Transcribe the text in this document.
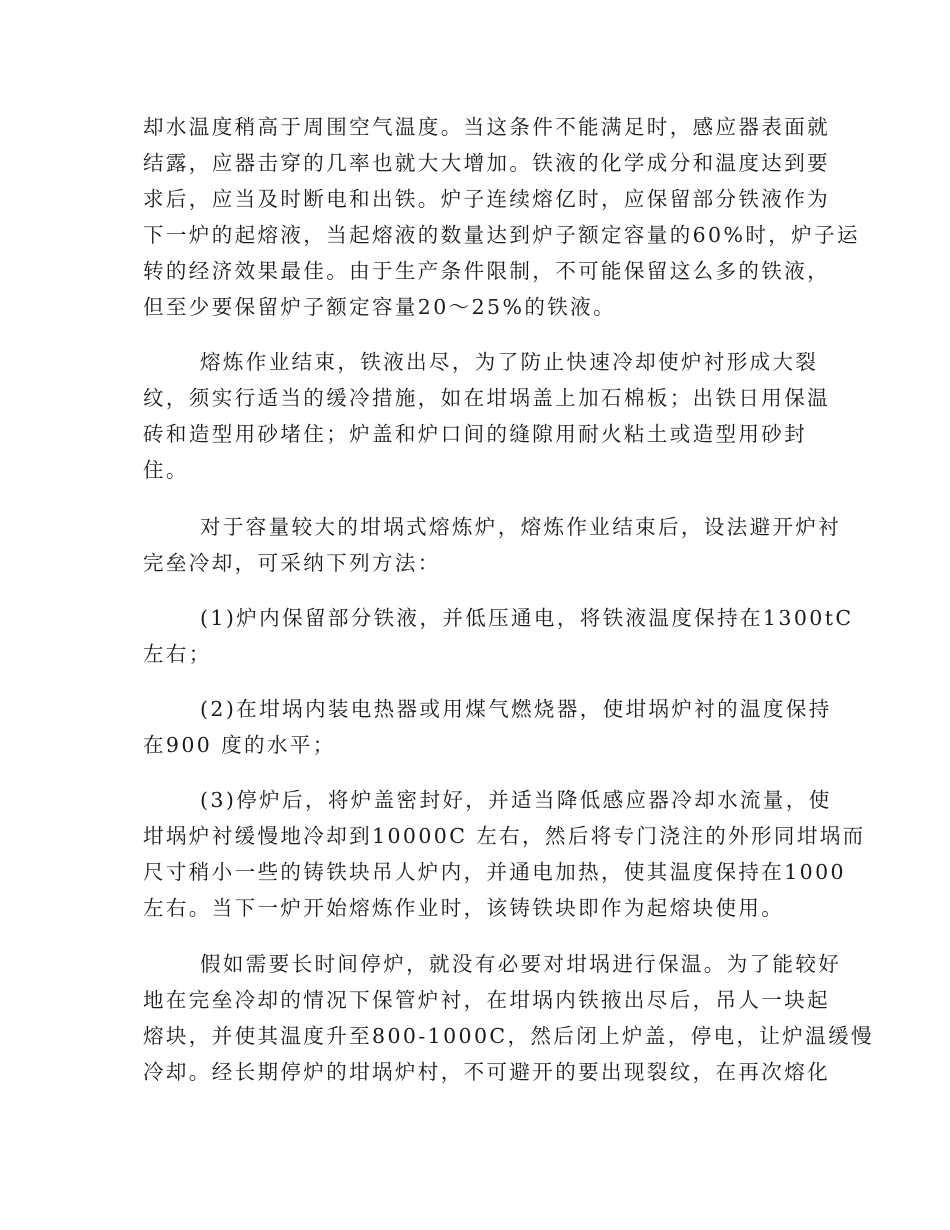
却水温度稍高于周围空气温度。当这条件不能满足时，感应器表面就
结露，应器击穿的几率也就大大增加。铁液的化学成分和温度达到要
求后，应当及时断电和出铁。炉子连续熔亿时，应保留部分铁液作为
下一炉的起熔液，当起熔液的数量达到炉子额定容量的60%时，炉子运
转的经济效果最佳。由于生产条件限制，不可能保留这么多的铁液，
但至少要保留炉子额定容量20～25%的铁液。
熔炼作业结束，铁液出尽，为了防止快速冷却使炉衬形成大裂
纹，须实行适当的缓冷措施，如在坩埚盖上加石棉板；出铁日用保温
砖和造型用砂堵住；炉盖和炉口间的缝隙用耐火粘土或造型用砂封
住。
对于容量较大的坩埚式熔炼炉，熔炼作业结束后，设法避开炉衬
完垒冷却，可采纳下列方法：
(1)炉内保留部分铁液，并低压通电，将铁液温度保持在1300tC
左右；
(2)在坩埚内装电热器或用煤气燃烧器，使坩埚炉衬的温度保持
在900 度的水平；
(3)停炉后，将炉盖密封好，并适当降低感应器冷却水流量，使
坩埚炉衬缓慢地冷却到10000C 左右，然后将专门浇注的外形同坩埚而
尺寸稍小一些的铸铁块吊人炉内，并通电加热，使其温度保持在1000
左右。当下一炉开始熔炼作业时，该铸铁块即作为起熔块使用。
假如需要长时间停炉，就没有必要对坩埚进行保温。为了能较好
地在完垒冷却的情况下保管炉衬，在坩埚内铁掖出尽后，吊人一块起
熔块，并使其温度升至800-1000C，然后闭上炉盖，停电，让炉温缓慢
冷却。经长期停炉的坩埚炉村，不可避开的要出现裂纹，在再次熔化
